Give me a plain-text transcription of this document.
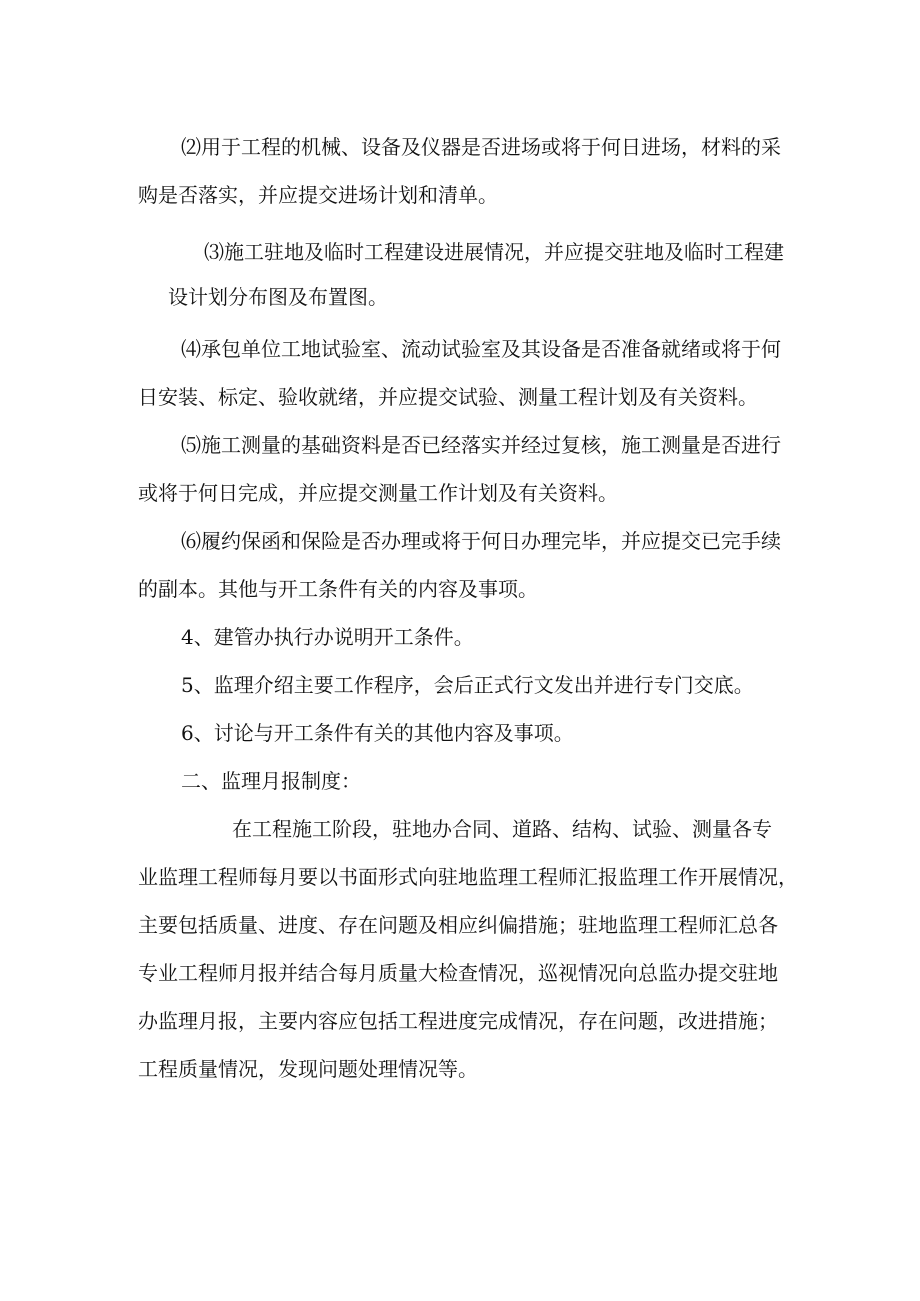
⑵用于工程的机械、设备及仪器是否进场或将于何日进场，材料的采

购是否落实，并应提交进场计划和清单。

⑶施工驻地及临时工程建设进展情况，并应提交驻地及临时工程建

设计划分布图及布置图。

⑷承包单位工地试验室、流动试验室及其设备是否准备就绪或将于何

日安装、标定、验收就绪，并应提交试验、测量工程计划及有关资料。

⑸施工测量的基础资料是否已经落实并经过复核，施工测量是否进行

或将于何日完成，并应提交测量工作计划及有关资料。

⑹履约保函和保险是否办理或将于何日办理完毕，并应提交已完手续

的副本。其他与开工条件有关的内容及事项。

4、建管办执行办说明开工条件。

5、监理介绍主要工作程序，会后正式行文发出并进行专门交底。

6、讨论与开工条件有关的其他内容及事项。

二、监理月报制度：

在工程施工阶段，驻地办合同、道路、结构、试验、测量各专

业监理工程师每月要以书面形式向驻地监理工程师汇报监理工作开展情况，

主要包括质量、进度、存在问题及相应纠偏措施；驻地监理工程师汇总各

专业工程师月报并结合每月质量大检查情况，巡视情况向总监办提交驻地

办监理月报，主要内容应包括工程进度完成情况，存在问题，改进措施；

工程质量情况，发现问题处理情况等。
